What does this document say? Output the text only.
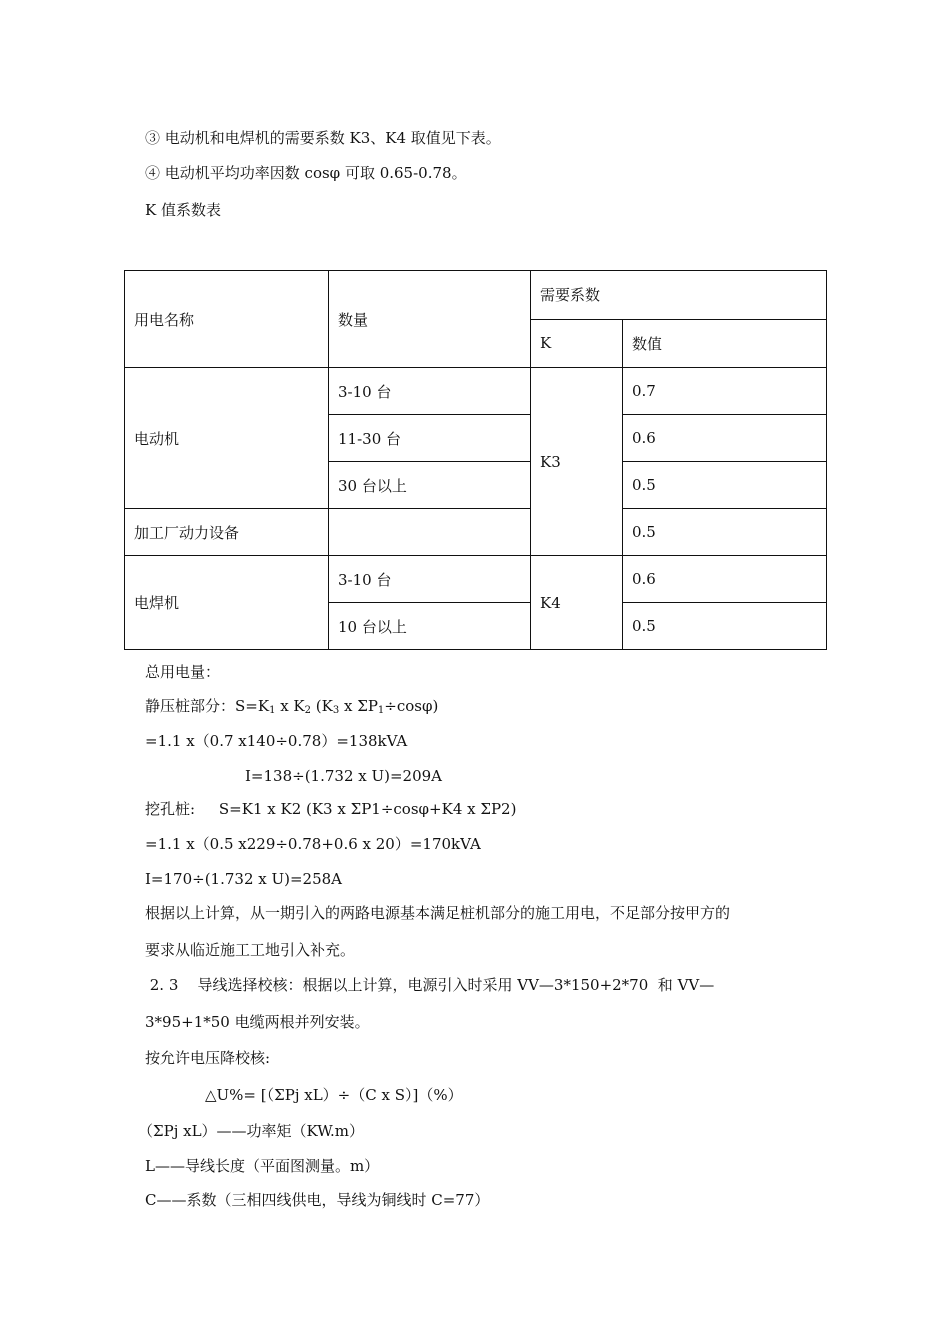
③ 电动机和电焊机的需要系数 K3、K4 取值见下表。
④ 电动机平均功率因数 cosφ 可取 0.65-0.78。
K 值系数表
用电名称	数量	需要系数	
		K	数值
电动机	3-10 台	K3	0.7
	11-30 台		0.6
	30 台以上		0.5
加工厂动力设备			0.5
电焊机	3-10 台	K4	0.6
	10 台以上		0.5
总用电量：
静压桩部分：$S=K_1$ x $K_2$ ($K_3$ x $\Sigma P_1\div\cos\varphi$)
=1.1 x（0.7 x140÷0.78）=138kVA
I=138÷(1.732 x U)=209A
挖孔桩:     S=K1 x K2 (K3 x ΣP1÷cosφ+K4 x ΣP2)
=1.1 x（0.5 x229÷0.78+0.6 x 20）=170kVA
I=170÷(1.732 x U)=258A
根据以上计算，从一期引入的两路电源基本满足桩机部分的施工用电，不足部分按甲方的
要求从临近施工工地引入补充。
2. 3    导线选择校核：根据以上计算，电源引入时采用 VV—3*150+2*70  和 VV—
3*95+1*50 电缆两根并列安装。
按允许电压降校核:
△U%= [（ΣPj xL）÷（C x S）]（%）
（ΣPj xL）——功率矩（KW.m）
L——导线长度（平面图测量。m）
C——系数（三相四线供电，导线为铜线时 C=77）
